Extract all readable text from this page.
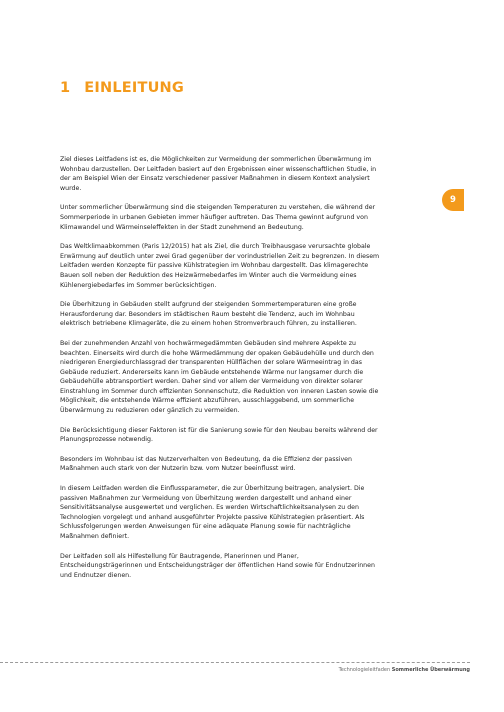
1 EINLEITUNG
9

Ziel dieses Leitfadens ist es, die Möglichkeiten zur Vermeidung der sommerlichen Überwärmung im Wohnbau darzustellen. Der Leitfaden basiert auf den Ergebnissen einer wissenschaftlichen Studie, in der am Beispiel Wien der Einsatz verschiedener passiver Maßnahmen in diesem Kontext analysiert wurde.

Unter sommerlicher Überwärmung sind die steigenden Temperaturen zu verstehen, die während der Sommerperiode in urbanen Gebieten immer häufiger auftreten. Das Thema gewinnt aufgrund von Klimawandel und Wärmeinseleffekten in der Stadt zunehmend an Bedeutung.

Das Weltklimaabkommen (Paris 12/2015) hat als Ziel, die durch Treibhausgase verursachte globale Erwärmung auf deutlich unter zwei Grad gegenüber der vorindustriellen Zeit zu begrenzen. In diesem Leitfaden werden Konzepte für passive Kühlstrategien im Wohnbau dargestellt. Das klimagerechte Bauen soll neben der Reduktion des Heizwärmebedarfes im Winter auch die Vermeidung eines Kühlenergiebedarfes im Sommer berücksichtigen.

Die Überhitzung in Gebäuden stellt aufgrund der steigenden Sommertemperaturen eine große Herausforderung dar. Besonders im städtischen Raum besteht die Tendenz, auch im Wohnbau elektrisch betriebene Klimageräte, die zu einem hohen Stromverbrauch führen, zu installieren.

Bei der zunehmenden Anzahl von hochwärmegedämmten Gebäuden sind mehrere Aspekte zu beachten. Einerseits wird durch die hohe Wärmedämmung der opaken Gebäudehülle und durch den niedrigeren Energiedurchlassgrad der transparenten Hüllflächen der solare Wärmeeintrag in das Gebäude reduziert. Andererseits kann im Gebäude entstehende Wärme nur langsamer durch die Gebäudehülle abtransportiert werden. Daher sind vor allem der Vermeidung von direkter solarer Einstrahlung im Sommer durch effizienten Sonnenschutz, die Reduktion von inneren Lasten sowie die Möglichkeit, die entstehende Wärme effizient abzuführen, ausschlaggebend, um sommerliche Überwärmung zu reduzieren oder gänzlich zu vermeiden.

Die Berücksichtigung dieser Faktoren ist für die Sanierung sowie für den Neubau bereits während der Planungsprozesse notwendig.

Besonders im Wohnbau ist das Nutzerverhalten von Bedeutung, da die Effizienz der passiven Maßnahmen auch stark von der Nutzerin bzw. vom Nutzer beeinflusst wird.

In diesem Leitfaden werden die Einflussparameter, die zur Überhitzung beitragen, analysiert. Die passiven Maßnahmen zur Vermeidung von Überhitzung werden dargestellt und anhand einer Sensitivitätsanalyse ausgewertet und verglichen. Es werden Wirtschaftlichkeitsanalysen zu den Technologien vorgelegt und anhand ausgeführter Projekte passive Kühlstrategien präsentiert. Als Schlussfolgerungen werden Anweisungen für eine adäquate Planung sowie für nachträgliche Maßnahmen definiert.

Der Leitfaden soll als Hilfestellung für Bautragende, Planerinnen und Planer, Entscheidungsträgerinnen und Entscheidungsträger der öffentlichen Hand sowie für Endnutzerinnen und Endnutzer dienen.

Technologieleitfaden Sommerliche Überwärmung
